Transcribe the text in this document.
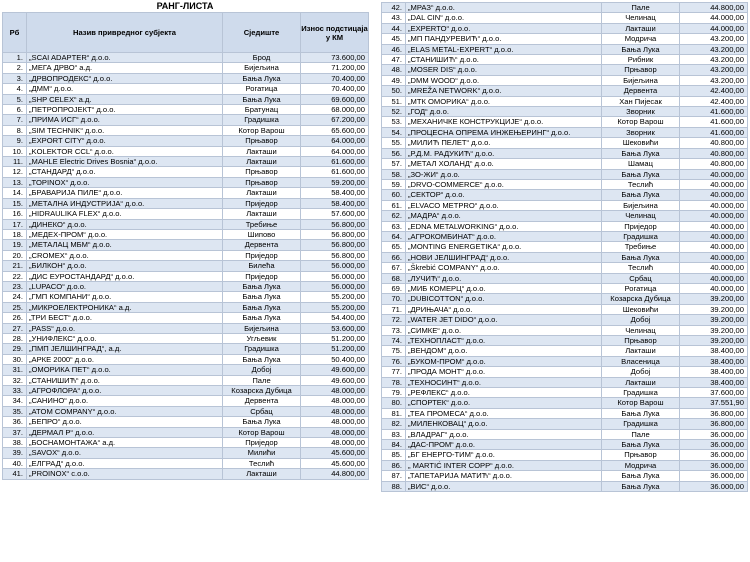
РАНГ-ЛИСТА
Рб	Назив привредног субјекта	Сједиште	Износ подстицаја у КМ
1.	„SCAI ADAPTER“ д.о.о.	Брод	73.600,00
2.	„МЕГА ДРВО“ а.д.	Бијељина	71.200,00
3.	„ДРВОПРОДЕКС“ д.о.о.	Бања Лука	70.400,00
4.	„ДММ“ д.о.о.	Рогатица	70.400,00
5.	„SHP CELEX“ а.д.	Бања Лука	69.600,00
6.	„ПЕТРОПРОЈЕКТ“ д.о.о.	Братунац	68.000,00
7.	„ПРИМА ИСГ“ д.о.о.	Градишка	67.200,00
8.	„SIM TECHNIK“ д.о.о.	Котор Варош	65.600,00
9.	„EXPORT CITY“ д.о.о.	Прњавор	64.000,00
10.	„KOLEKTOR CCL“ д.о.о.	Лакташи	64.000,00
11.	„MAHLE Electric Drives Bosnia“ д.о.о.	Лакташи	61.600,00
12.	„СТАНДАРД“ д.о.о.	Прњавор	61.600,00
13.	„TOPINOX“ д.о.о.	Прњавор	59.200,00
14.	„БРАВАРИЈА ПИЛЕ“ д.о.о.	Лакташи	58.400,00
15.	„МЕТАЛНА ИНДУСТРИЈА“ д.о.о.	Приједор	58.400,00
16.	„HIDRAULIKA FLEX“ д.о.о.	Лакташи	57.600,00
17.	„ДИНЕКО“ д.о.о.	Требиње	56.800,00
18.	„МЕДЕХ-ПРОМ“ д.о.о.	Шипово	56.800,00
19.	„МЕТАЛАЦ МБМ“ д.о.о.	Дервента	56.800,00
20.	„CROMEX“ д.о.о.	Приједор	56.800,00
21.	„БИЛКОН“ д.о.о.	Билећа	56.000,00
22.	„ДИС ЕУРОСТАНДАРД“ д.о.о.	Приједор	56.000,00
23.	„LUPACO“ д.о.о.	Бања Лука	56.000,00
24.	„ГМП КОМПАНИ“ д.о.о.	Бања Лука	55.200,00
25.	„МИКРОЕЛЕКТРОНИКА“ а.д.	Бања Лука	55.200,00
26.	„ТРИ БЕСТ“ д.о.о.	Бања Лука	54.400,00
27.	„PASS“ д.о.о.	Бијељина	53.600,00
28.	„УНИФЛЕКС“ д.о.о.	Угљевик	51.200,00
29.	„ПМП ЈЕЛШИНГРАД“, а.д.	Градишка	51.200,00
30.	„АРКЕ 2000“ д.о.о.	Бања Лука	50.400,00
31.	„ОМОРИКА ПЕТ“ д.о.о.	Добој	49.600,00
32.	„СТАНИШИЋ“ д.о.о.	Пале	49.600,00
33.	„АГРОФЛОРА“ д.о.о.	Козарска Дубица	48.000,00
34.	„САНИНО“ д.о.о.	Дервента	48.000,00
35.	„ATOM COMPANY“ д.о.о.	Србац	48.000,00
36.	„БЕПРО“ д.о.о.	Бања Лука	48.000,00
37.	„ДЕРМАЛ Р“ д.о.о.	Котор Варош	48.000,00
38.	„БОСНАМОНТАЖА“ а.д.	Приједор	48.000,00
39.	„SAVOX“ д.о.о.	Милићи	45.600,00
40.	„ЕЛГРАД“ д.о.о.	Теслић	45.600,00
41.	„PROINOX“ с.о.о.	Лакташи	44.800,00
42.	„МРАЗ“ д.о.о.	Пале	44.800,00
43.	„DAL CIN“ д.о.о.	Челинац	44.000,00
44.	„EXPERTO“ д.о.о.	Лакташи	44.000,00
45.	„МП ПАНДУРЕВИЋ“ д.о.о.	Модрича	43.200,00
46.	„ELAS METAL-EXPERT“ д.о.о.	Бања Лука	43.200,00
47.	„СТАНИШИЋ“ д.о.о.	Рибник	43.200,00
48.	„MOSER DIS“ д.о.о.	Прњавор	43.200,00
49.	„DMM WOOD“ д.о.о.	Бијељина	43.200,00
50.	„MREŽA NETWORK“ д.о.о.	Дервента	42.400,00
51.	„МТК ОМОРИКА“ д.о.о.	Хан Пијесак	42.400,00
52.	„ГОД“ д.о.о.	Зворник	41.600,00
53.	„МЕХАНИЧКЕ КОНСТРУКЦИЈЕ“ д.о.о.	Котор Варош	41.600,00
54.	„ПРОЦЕСНА ОПРЕМА ИНЖЕЊЕРИНГ“ д.о.о.	Зворник	41.600,00
55.	„МИЛИЋ ПЕЛЕТ“ д.о.о.	Шековићи	40.800,00
56.	„Р.Д.М. РАДУКИЋ“ д.о.о.	Бања Лука	40.800,00
57.	„МЕТАЛ ХОЛАНД“ д.о.о.	Шамац	40.800,00
58.	„ЗО-ЖИ“ д.о.о.	Бања Лука	40.000,00
59.	„DRVO-COMMERCE“ д.о.о.	Теслић	40.000,00
60.	„СЕКТОР“ д.о.о.	Бања Лука	40.000,00
61.	„ELVACO METPRO“ д.о.о.	Бијељина	40.000,00
62.	„МАДРА“ д.о.о.	Челинац	40.000,00
63.	„EDNA METALWORKING“ д.о.о.	Приједор	40.000,00
64.	„АГРОКОМБИНАТ“ д.о.о.	Градишка	40.000,00
65.	„MONTING ENERGETIKA“ д.о.о.	Требиње	40.000,00
66.	„НОВИ ЈЕЛШИНГРАД“ д.о.о.	Бања Лука	40.000,00
67.	„Škrebić COMPANY“ д.о.о.	Теслић	40.000,00
68.	„ЛУЧИЋ“ д.о.о.	Србац	40.000,00
69.	„МИБ КОМЕРЦ“ д.о.о.	Рогатица	40.000,00
70.	„DUBICOTTON“ д.о.о.	Козарска Дубица	39.200,00
71.	„ДРИЊАЧА“ д.о.о.	Шековићи	39.200,00
72.	„WATER JET DIDO“ д.о.о.	Добој	39.200,00
73.	„СИМКЕ“ д.о.о.	Челинац	39.200,00
74.	„ТЕХНОПЛАСТ“ д.о.о.	Прњавор	39.200,00
75.	„ВЕНДОМ“ д.о.о.	Лакташи	38.400,00
76.	„БУКОМ-ПРОМ“ д.о.о.	Власеница	38.400,00
77.	„ПРОДА МОНТ“ д.о.о.	Добој	38.400,00
78.	„ТЕХНОСИНТ“ д.о.о.	Лакташи	38.400,00
79.	„РЕФЛЕКС“ д.о.о.	Градишка	37.600,00
80.	„СПОРТЕК“ д.о.о.	Котор Варош	37.551,90
81.	„ТЕА ПРОМЕСА“ д.о.о.	Бања Лука	36.800,00
82.	„МИЛЕНКОВАЦ“ д.о.о.	Градишка	36.800,00
83.	„ВЛАДРАГ“ д.о.о.	Пале	36.000,00
84.	„ДАС-ПРОМ“ д.о.о.	Бања Лука	36.000,00
85.	„БГ ЕНЕРГО-ТИМ“ д.о.о.	Прњавор	36.000,00
86.	„ MARTIĆ INTER COPP“ д.о.о.	Модрича	36.000,00
87.	„ТАПЕТАРИЈА МАТИЋ“ д.о.о.	Бања Лука	36.000,00
88.	„ВИС“ д.о.о.	Бања Лука	36.000,00
